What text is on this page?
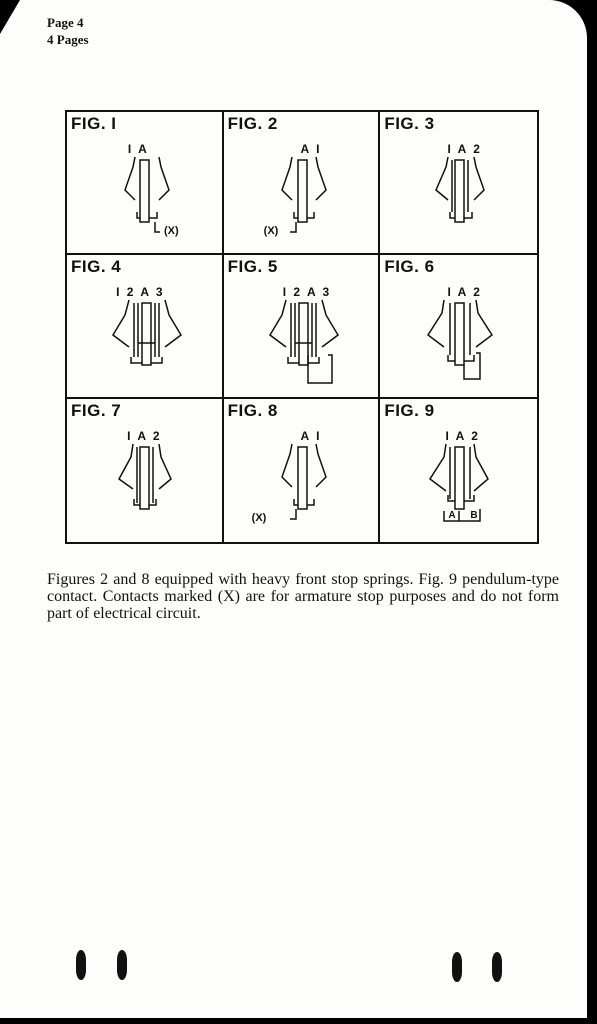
Page 4
4 Pages
FIG. I
I A
(X)
FIG. 2
A I
(X)
FIG. 3
I A 2
FIG. 4
I 2 A 3
FIG. 5
I 2 A 3
FIG. 6
I A 2
FIG. 7
I A 2
FIG. 8
A I
(X)
FIG. 9
I A 2
A B
Figures 2 and 8 equipped with heavy front stop springs. Fig. 9 pendulum-type contact. Contacts marked (X) are for armature stop purposes and do not form part of electrical circuit.
